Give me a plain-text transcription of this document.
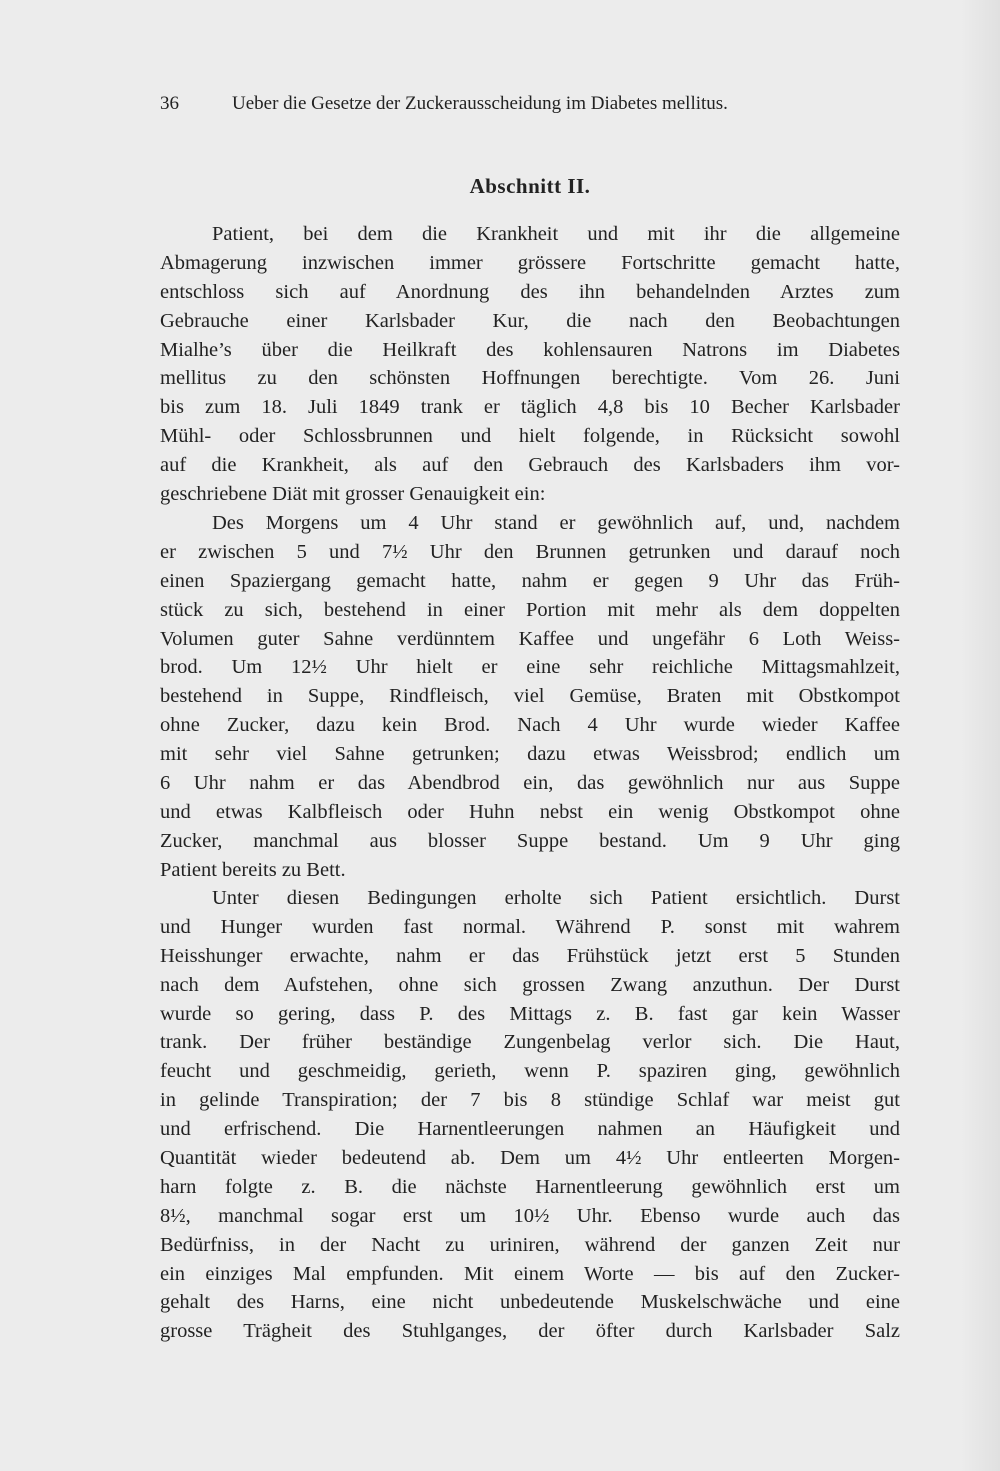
36	Ueber die Gesetze der Zuckerausscheidung im Diabetes mellitus.
Abschnitt II.
Patient, bei dem die Krankheit und mit ihr die allgemeine
Abmagerung inzwischen immer grössere Fortschritte gemacht hatte,
entschloss sich auf Anordnung des ihn behandelnden Arztes zum
Gebrauche einer Karlsbader Kur, die nach den Beobachtungen
Mialhe’s über die Heilkraft des kohlensauren Natrons im Diabetes
mellitus zu den schönsten Hoffnungen berechtigte. Vom 26. Juni
bis zum 18. Juli 1849 trank er täglich 4,8 bis 10 Becher Karlsbader
Mühl- oder Schlossbrunnen und hielt folgende, in Rücksicht sowohl
auf die Krankheit, als auf den Gebrauch des Karlsbaders ihm vor-
geschriebene Diät mit grosser Genauigkeit ein:
Des Morgens um 4 Uhr stand er gewöhnlich auf, und, nachdem
er zwischen 5 und 7½ Uhr den Brunnen getrunken und darauf noch
einen Spaziergang gemacht hatte, nahm er gegen 9 Uhr das Früh-
stück zu sich, bestehend in einer Portion mit mehr als dem doppelten
Volumen guter Sahne verdünntem Kaffee und ungefähr 6 Loth Weiss-
brod. Um 12½ Uhr hielt er eine sehr reichliche Mittagsmahlzeit,
bestehend in Suppe, Rindfleisch, viel Gemüse, Braten mit Obstkompot
ohne Zucker, dazu kein Brod. Nach 4 Uhr wurde wieder Kaffee
mit sehr viel Sahne getrunken; dazu etwas Weissbrod; endlich um
6 Uhr nahm er das Abendbrod ein, das gewöhnlich nur aus Suppe
und etwas Kalbfleisch oder Huhn nebst ein wenig Obstkompot ohne
Zucker, manchmal aus blosser Suppe bestand. Um 9 Uhr ging
Patient bereits zu Bett.
Unter diesen Bedingungen erholte sich Patient ersichtlich. Durst
und Hunger wurden fast normal. Während P. sonst mit wahrem
Heisshunger erwachte, nahm er das Frühstück jetzt erst 5 Stunden
nach dem Aufstehen, ohne sich grossen Zwang anzuthun. Der Durst
wurde so gering, dass P. des Mittags z. B. fast gar kein Wasser
trank. Der früher beständige Zungenbelag verlor sich. Die Haut,
feucht und geschmeidig, gerieth, wenn P. spaziren ging, gewöhnlich
in gelinde Transpiration; der 7 bis 8 stündige Schlaf war meist gut
und erfrischend. Die Harnentleerungen nahmen an Häufigkeit und
Quantität wieder bedeutend ab. Dem um 4½ Uhr entleerten Morgen-
harn folgte z. B. die nächste Harnentleerung gewöhnlich erst um
8½, manchmal sogar erst um 10½ Uhr. Ebenso wurde auch das
Bedürfniss, in der Nacht zu uriniren, während der ganzen Zeit nur
ein einziges Mal empfunden. Mit einem Worte — bis auf den Zucker-
gehalt des Harns, eine nicht unbedeutende Muskelschwäche und eine
grosse Trägheit des Stuhlganges, der öfter durch Karlsbader Salz
